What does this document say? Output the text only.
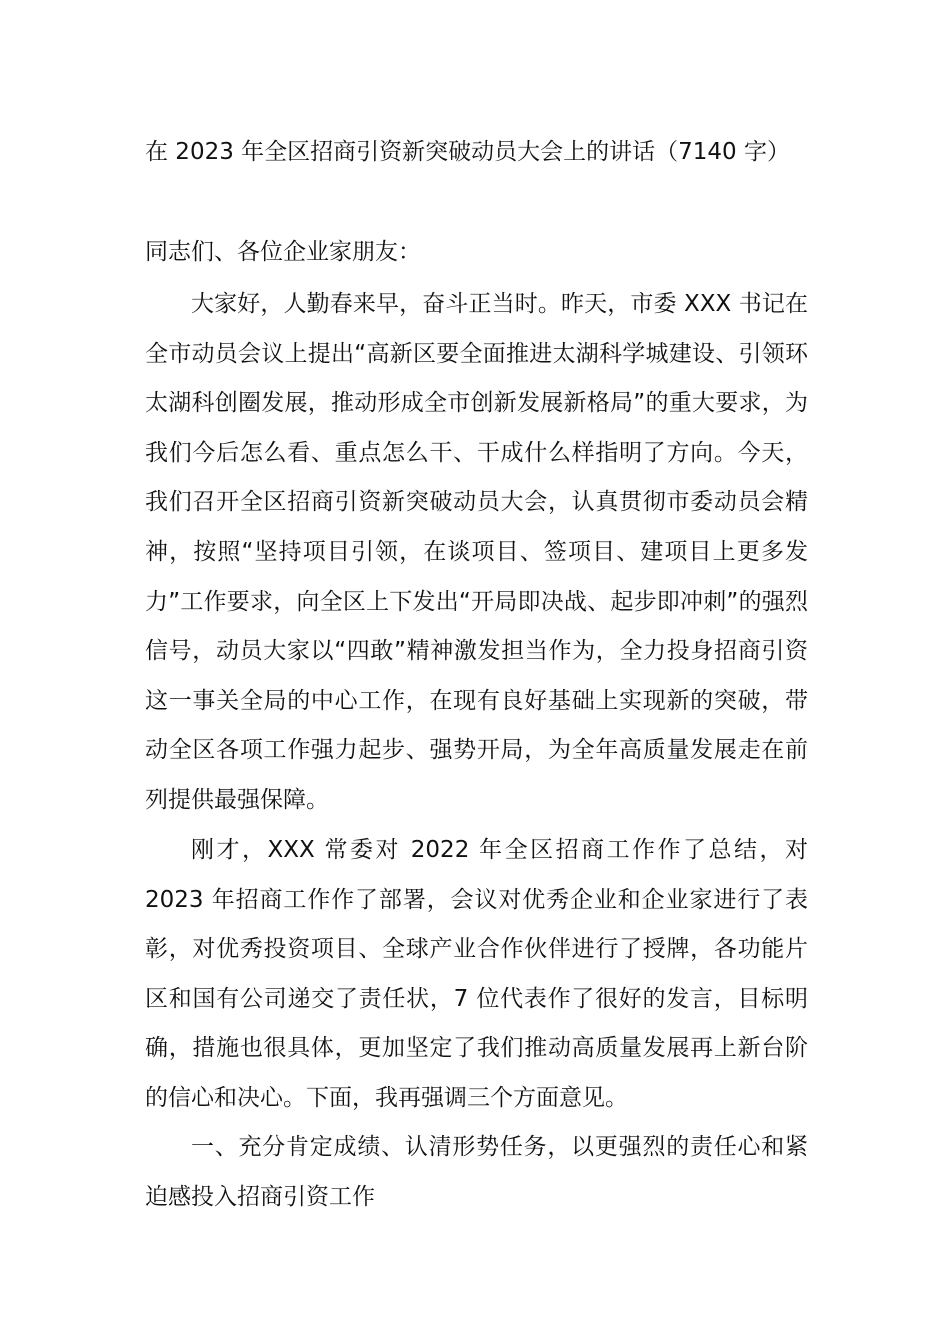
在 2023 年全区招商引资新突破动员大会上的讲话（7140 字）
同志们、各位企业家朋友：

大家好，人勤春来早，奋斗正当时。昨天，市委 XXX 书记在全市动员会议上提出“高新区要全面推进太湖科学城建设、引领环太湖科创圈发展，推动形成全市创新发展新格局”的重大要求，为我们今后怎么看、重点怎么干、干成什么样指明了方向。今天，我们召开全区招商引资新突破动员大会，认真贯彻市委动员会精神，按照“坚持项目引领，在谈项目、签项目、建项目上更多发力”工作要求，向全区上下发出“开局即决战、起步即冲刺”的强烈信号，动员大家以“四敢”精神激发担当作为，全力投身招商引资这一事关全局的中心工作，在现有良好基础上实现新的突破，带动全区各项工作强力起步、强势开局，为全年高质量发展走在前列提供最强保障。

刚才，XXX 常委对 2022 年全区招商工作作了总结，对 2023 年招商工作作了部署，会议对优秀企业和企业家进行了表彰，对优秀投资项目、全球产业合作伙伴进行了授牌，各功能片区和国有公司递交了责任状，7 位代表作了很好的发言，目标明确，措施也很具体，更加坚定了我们推动高质量发展再上新台阶的信心和决心。下面，我再强调三个方面意见。

一、充分肯定成绩、认清形势任务，以更强烈的责任心和紧迫感投入招商引资工作
